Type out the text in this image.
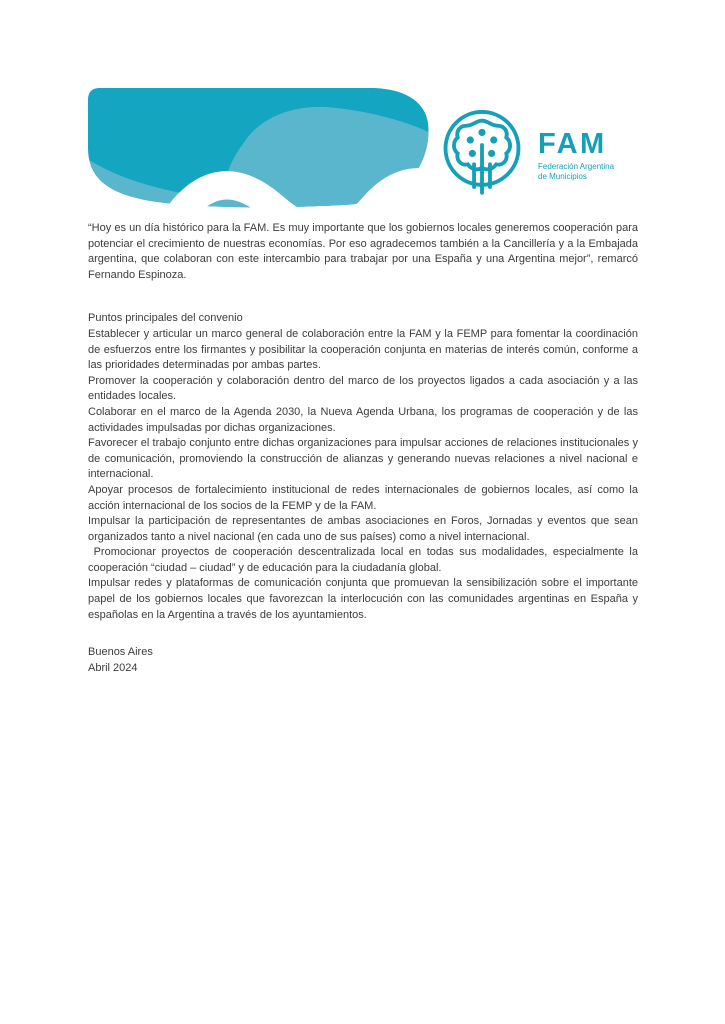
Prensa y Comunicación
FAM
Federación Argentina
de Municipios

“Hoy es un día histórico para la FAM. Es muy importante que los gobiernos locales generemos cooperación para potenciar el crecimiento de nuestras economías. Por eso agradecemos también a la Cancillería y a la Embajada argentina, que colaboran con este intercambio para trabajar por una España y una Argentina mejor”, remarcó Fernando Espinoza.

Puntos principales del convenio

Establecer y articular un marco general de colaboración entre la FAM y la FEMP para fomentar la coordinación de esfuerzos entre los firmantes y posibilitar la cooperación conjunta en materias de interés común, conforme a las prioridades determinadas por ambas partes.

Promover la cooperación y colaboración dentro del marco de los proyectos ligados a cada asociación y a las entidades locales.

Colaborar en el marco de la Agenda 2030, la Nueva Agenda Urbana, los programas de cooperación y de las actividades impulsadas por dichas organizaciones.

Favorecer el trabajo conjunto entre dichas organizaciones para impulsar acciones de relaciones institucionales y de comunicación, promoviendo la construcción de alianzas y generando nuevas relaciones a nivel nacional e internacional.

Apoyar procesos de fortalecimiento institucional de redes internacionales de gobiernos locales, así como la acción internacional de los socios de la FEMP y de la FAM.

Impulsar la participación de representantes de ambas asociaciones en Foros, Jornadas y eventos que sean organizados tanto a nivel nacional (en cada uno de sus países) como a nivel internacional.

Promocionar proyectos de cooperación descentralizada local en todas sus modalidades, especialmente la cooperación “ciudad – ciudad” y de educación para la ciudadanía global.

Impulsar redes y plataformas de comunicación conjunta que promuevan la sensibilización sobre el importante papel de los gobiernos locales que favorezcan la interlocución con las comunidades argentinas en España y españolas en la Argentina a través de los ayuntamientos.

Buenos Aires
Abril 2024
